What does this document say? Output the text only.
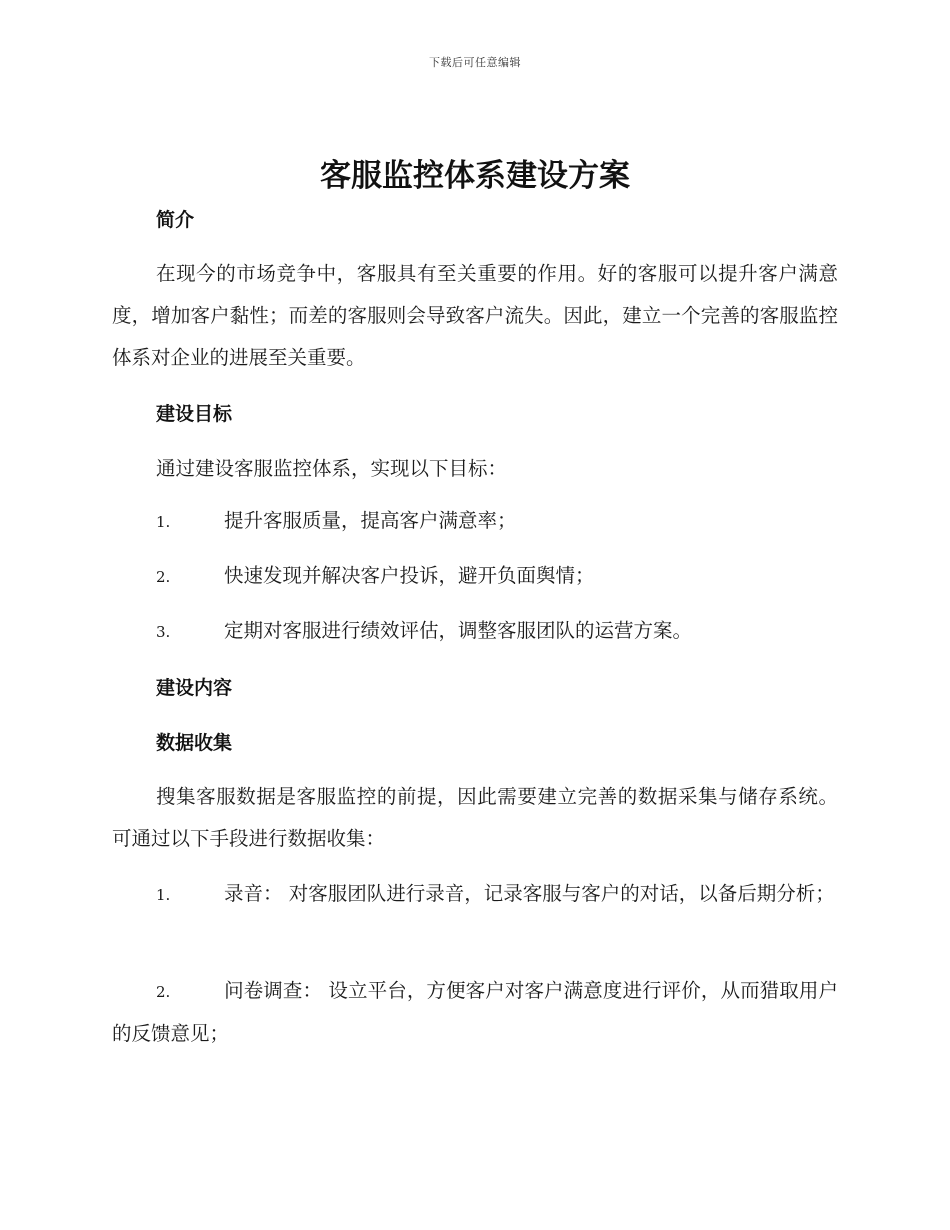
下载后可任意编辑
客服监控体系建设方案
简介

在现今的市场竞争中，客服具有至关重要的作用。好的客服可以提升客户满意度，增加客户黏性；而差的客服则会导致客户流失。因此，建立一个完善的客服监控体系对企业的进展至关重要。

建设目标

通过建设客服监控体系，实现以下目标：

1.	提升客服质量，提高客户满意率；

2.	快速发现并解决客户投诉，避开负面舆情；

3.	定期对客服进行绩效评估，调整客服团队的运营方案。

建设内容
数据收集

搜集客服数据是客服监控的前提，因此需要建立完善的数据采集与储存系统。可通过以下手段进行数据收集：

1.	录音： 对客服团队进行录音，记录客服与客户的对话，以备后期分析；

2.	问卷调查： 设立平台，方便客户对客户满意度进行评价，从而猎取用户的反馈意见；
